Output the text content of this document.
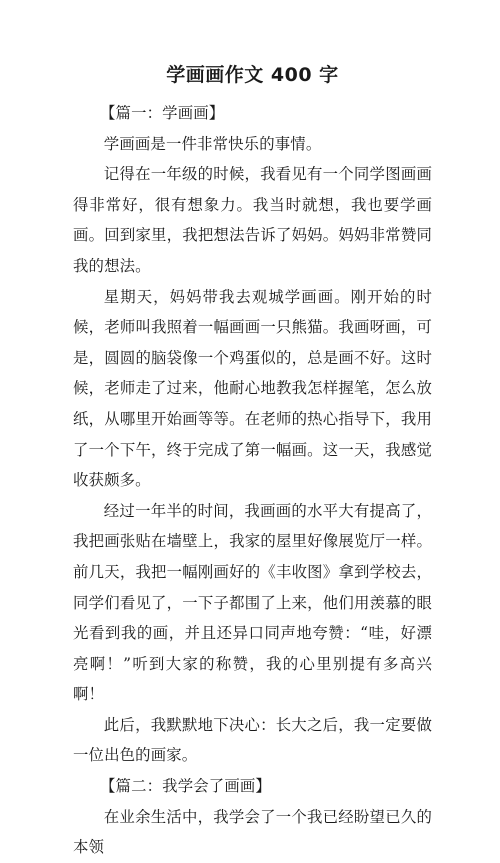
学画画作文 400 字
【篇一：学画画】

学画画是一件非常快乐的事情。

记得在一年级的时候，我看见有一个同学图画画得非常好，很有想象力。我当时就想，我也要学画画。回到家里，我把想法告诉了妈妈。妈妈非常赞同我的想法。

星期天，妈妈带我去观城学画画。刚开始的时候，老师叫我照着一幅画画一只熊猫。我画呀画，可是，圆圆的脑袋像一个鸡蛋似的，总是画不好。这时候，老师走了过来，他耐心地教我怎样握笔，怎么放纸，从哪里开始画等等。在老师的热心指导下，我用了一个下午，终于完成了第一幅画。这一天，我感觉收获颇多。

经过一年半的时间，我画画的水平大有提高了，我把画张贴在墙壁上，我家的屋里好像展览厅一样。前几天，我把一幅刚画好的《丰收图》拿到学校去，同学们看见了，一下子都围了上来，他们用羡慕的眼光看到我的画，并且还异口同声地夸赞：“哇，好漂亮啊！”听到大家的称赞，我的心里别提有多高兴啊！

此后，我默默地下决心：长大之后，我一定要做一位出色的画家。

【篇二：我学会了画画】

在业余生活中，我学会了一个我已经盼望已久的本领
